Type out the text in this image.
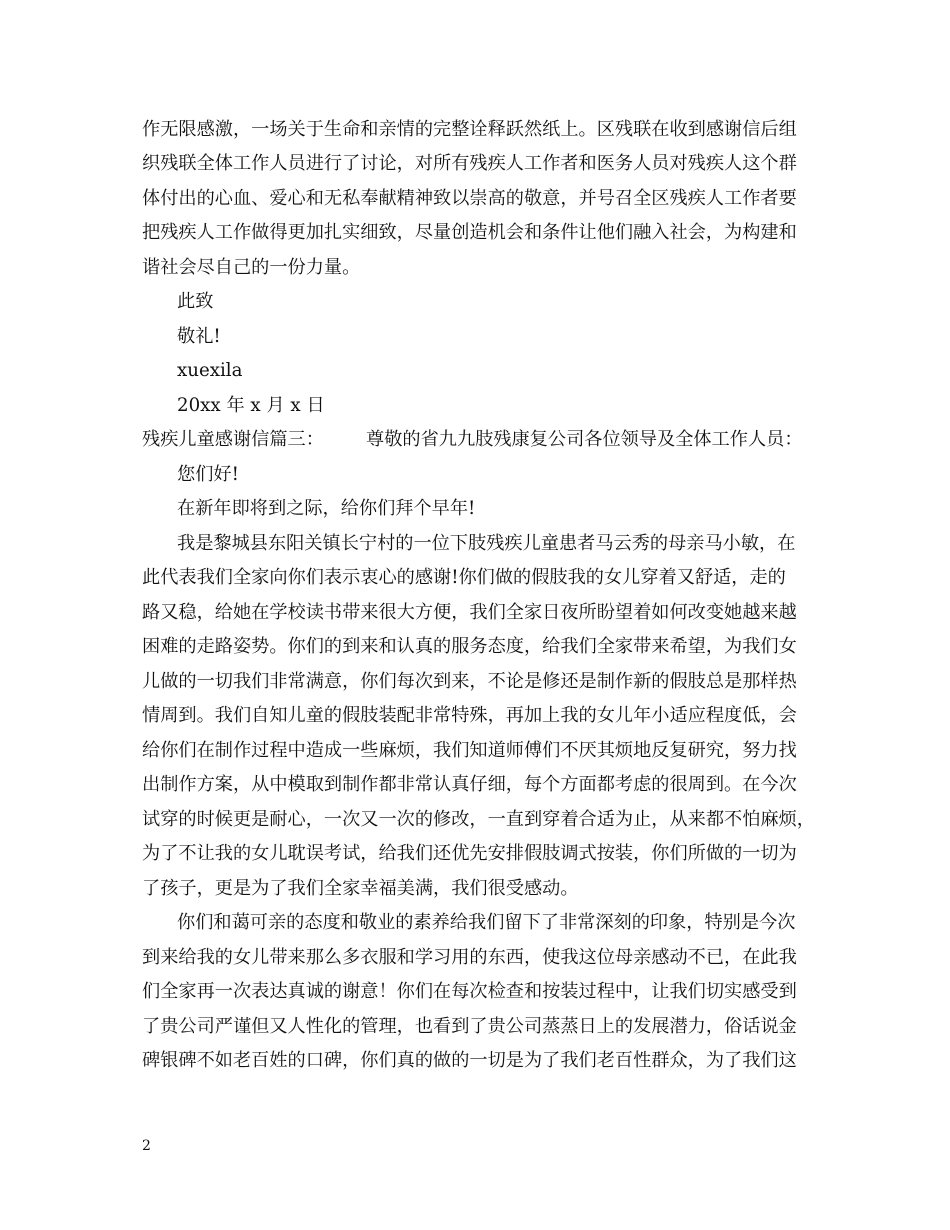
作无限感激，一场关于生命和亲情的完整诠释跃然纸上。区残联在收到感谢信后组
织残联全体工作人员进行了讨论，对所有残疾人工作者和医务人员对残疾人这个群
体付出的心血、爱心和无私奉献精神致以崇高的敬意，并号召全区残疾人工作者要
把残疾人工作做得更加扎实细致，尽量创造机会和条件让他们融入社会，为构建和
谐社会尽自己的一份力量。
此致
敬礼!
xuexila
20xx 年 x 月 x 日
残疾儿童感谢信篇三： 尊敬的省九九肢残康复公司各位领导及全体工作人员：
您们好!
在新年即将到之际，给你们拜个早年!
我是黎城县东阳关镇长宁村的一位下肢残疾儿童患者马云秀的母亲马小敏，在
此代表我们全家向你们表示衷心的感谢!你们做的假肢我的女儿穿着又舒适，走的
路又稳，给她在学校读书带来很大方便，我们全家日夜所盼望着如何改变她越来越
困难的走路姿势。你们的到来和认真的服务态度，给我们全家带来希望，为我们女
儿做的一切我们非常满意，你们每次到来，不论是修还是制作新的假肢总是那样热
情周到。我们自知儿童的假肢装配非常特殊，再加上我的女儿年小适应程度低，会
给你们在制作过程中造成一些麻烦，我们知道师傅们不厌其烦地反复研究，努力找
出制作方案，从中模取到制作都非常认真仔细，每个方面都考虑的很周到。在今次
试穿的时候更是耐心，一次又一次的修改，一直到穿着合适为止，从来都不怕麻烦，
为了不让我的女儿耽误考试，给我们还优先安排假肢调式按装，你们所做的一切为
了孩子，更是为了我们全家幸福美满，我们很受感动。
你们和蔼可亲的态度和敬业的素养给我们留下了非常深刻的印象，特别是今次
到来给我的女儿带来那么多衣服和学习用的东西，使我这位母亲感动不已，在此我
们全家再一次表达真诚的谢意！你们在每次检查和按装过程中，让我们切实感受到
了贵公司严谨但又人性化的管理，也看到了贵公司蒸蒸日上的发展潜力，俗话说金
碑银碑不如老百姓的口碑，你们真的做的一切是为了我们老百性群众，为了我们这
2
